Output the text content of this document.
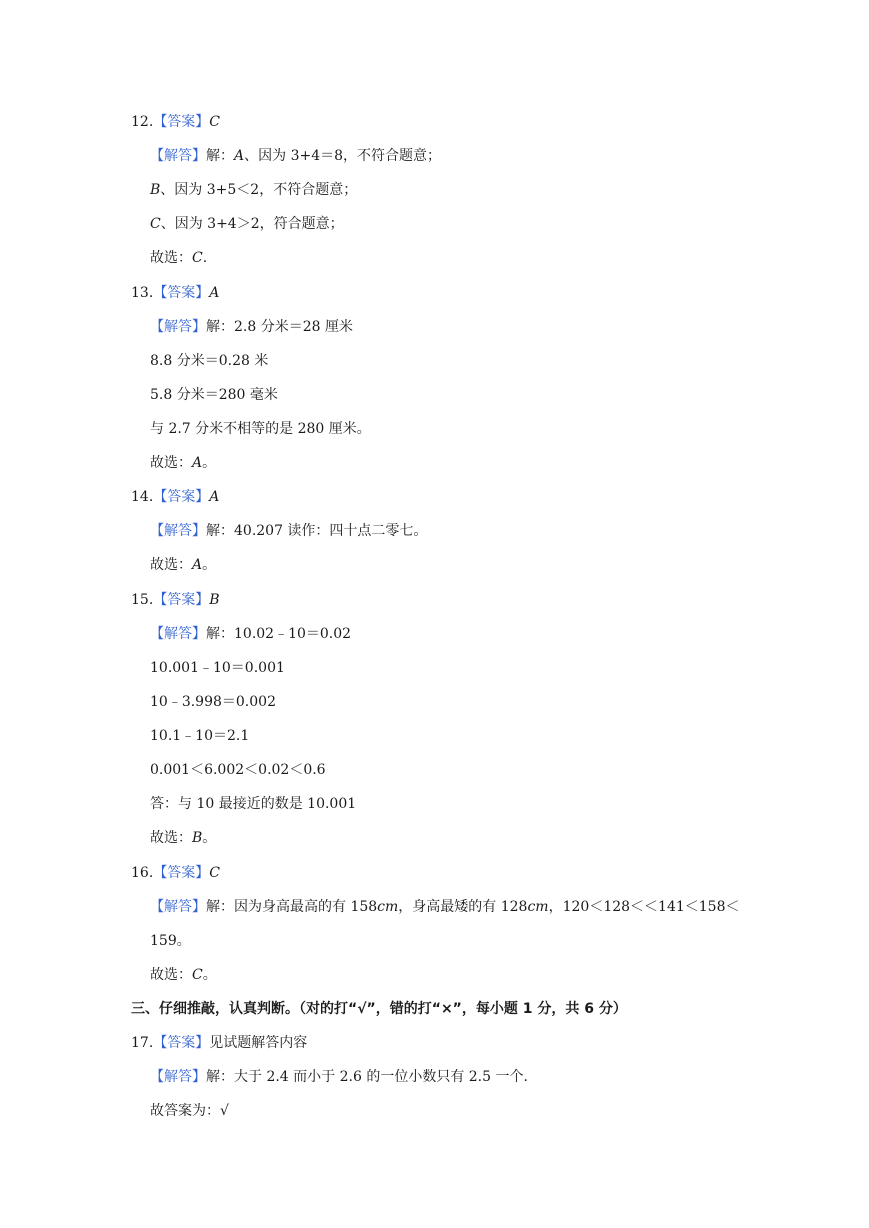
12.【答案】C
【解答】解：A、因为 3+4＝8，不符合题意；
B、因为 3+5＜2，不符合题意；
C、因为 3+4＞2，符合题意；
故选：C.
13.【答案】A
【解答】解：2.8 分米＝28 厘米
8.8 分米＝0.28 米
5.8 分米＝280 毫米
与 2.7 分米不相等的是 280 厘米。
故选：A。
14.【答案】A
【解答】解：40.207 读作：四十点二零七。
故选：A。
15.【答案】B
【解答】解：10.02﹣10＝0.02
10.001﹣10＝0.001
10﹣3.998＝0.002
10.1﹣10＝2.1
0.001＜6.002＜0.02＜0.6
答：与 10 最接近的数是 10.001
故选：B。
16.【答案】C
【解答】解：因为身高最高的有 158cm，身高最矮的有 128cm，120＜128＜＜141＜158＜
159。
故选：C。
三、仔细推敲，认真判断。（对的打“√”，错的打“×”，每小题 1 分，共 6 分）
17.【答案】见试题解答内容
【解答】解：大于 2.4 而小于 2.6 的一位小数只有 2.5 一个.
故答案为：√
